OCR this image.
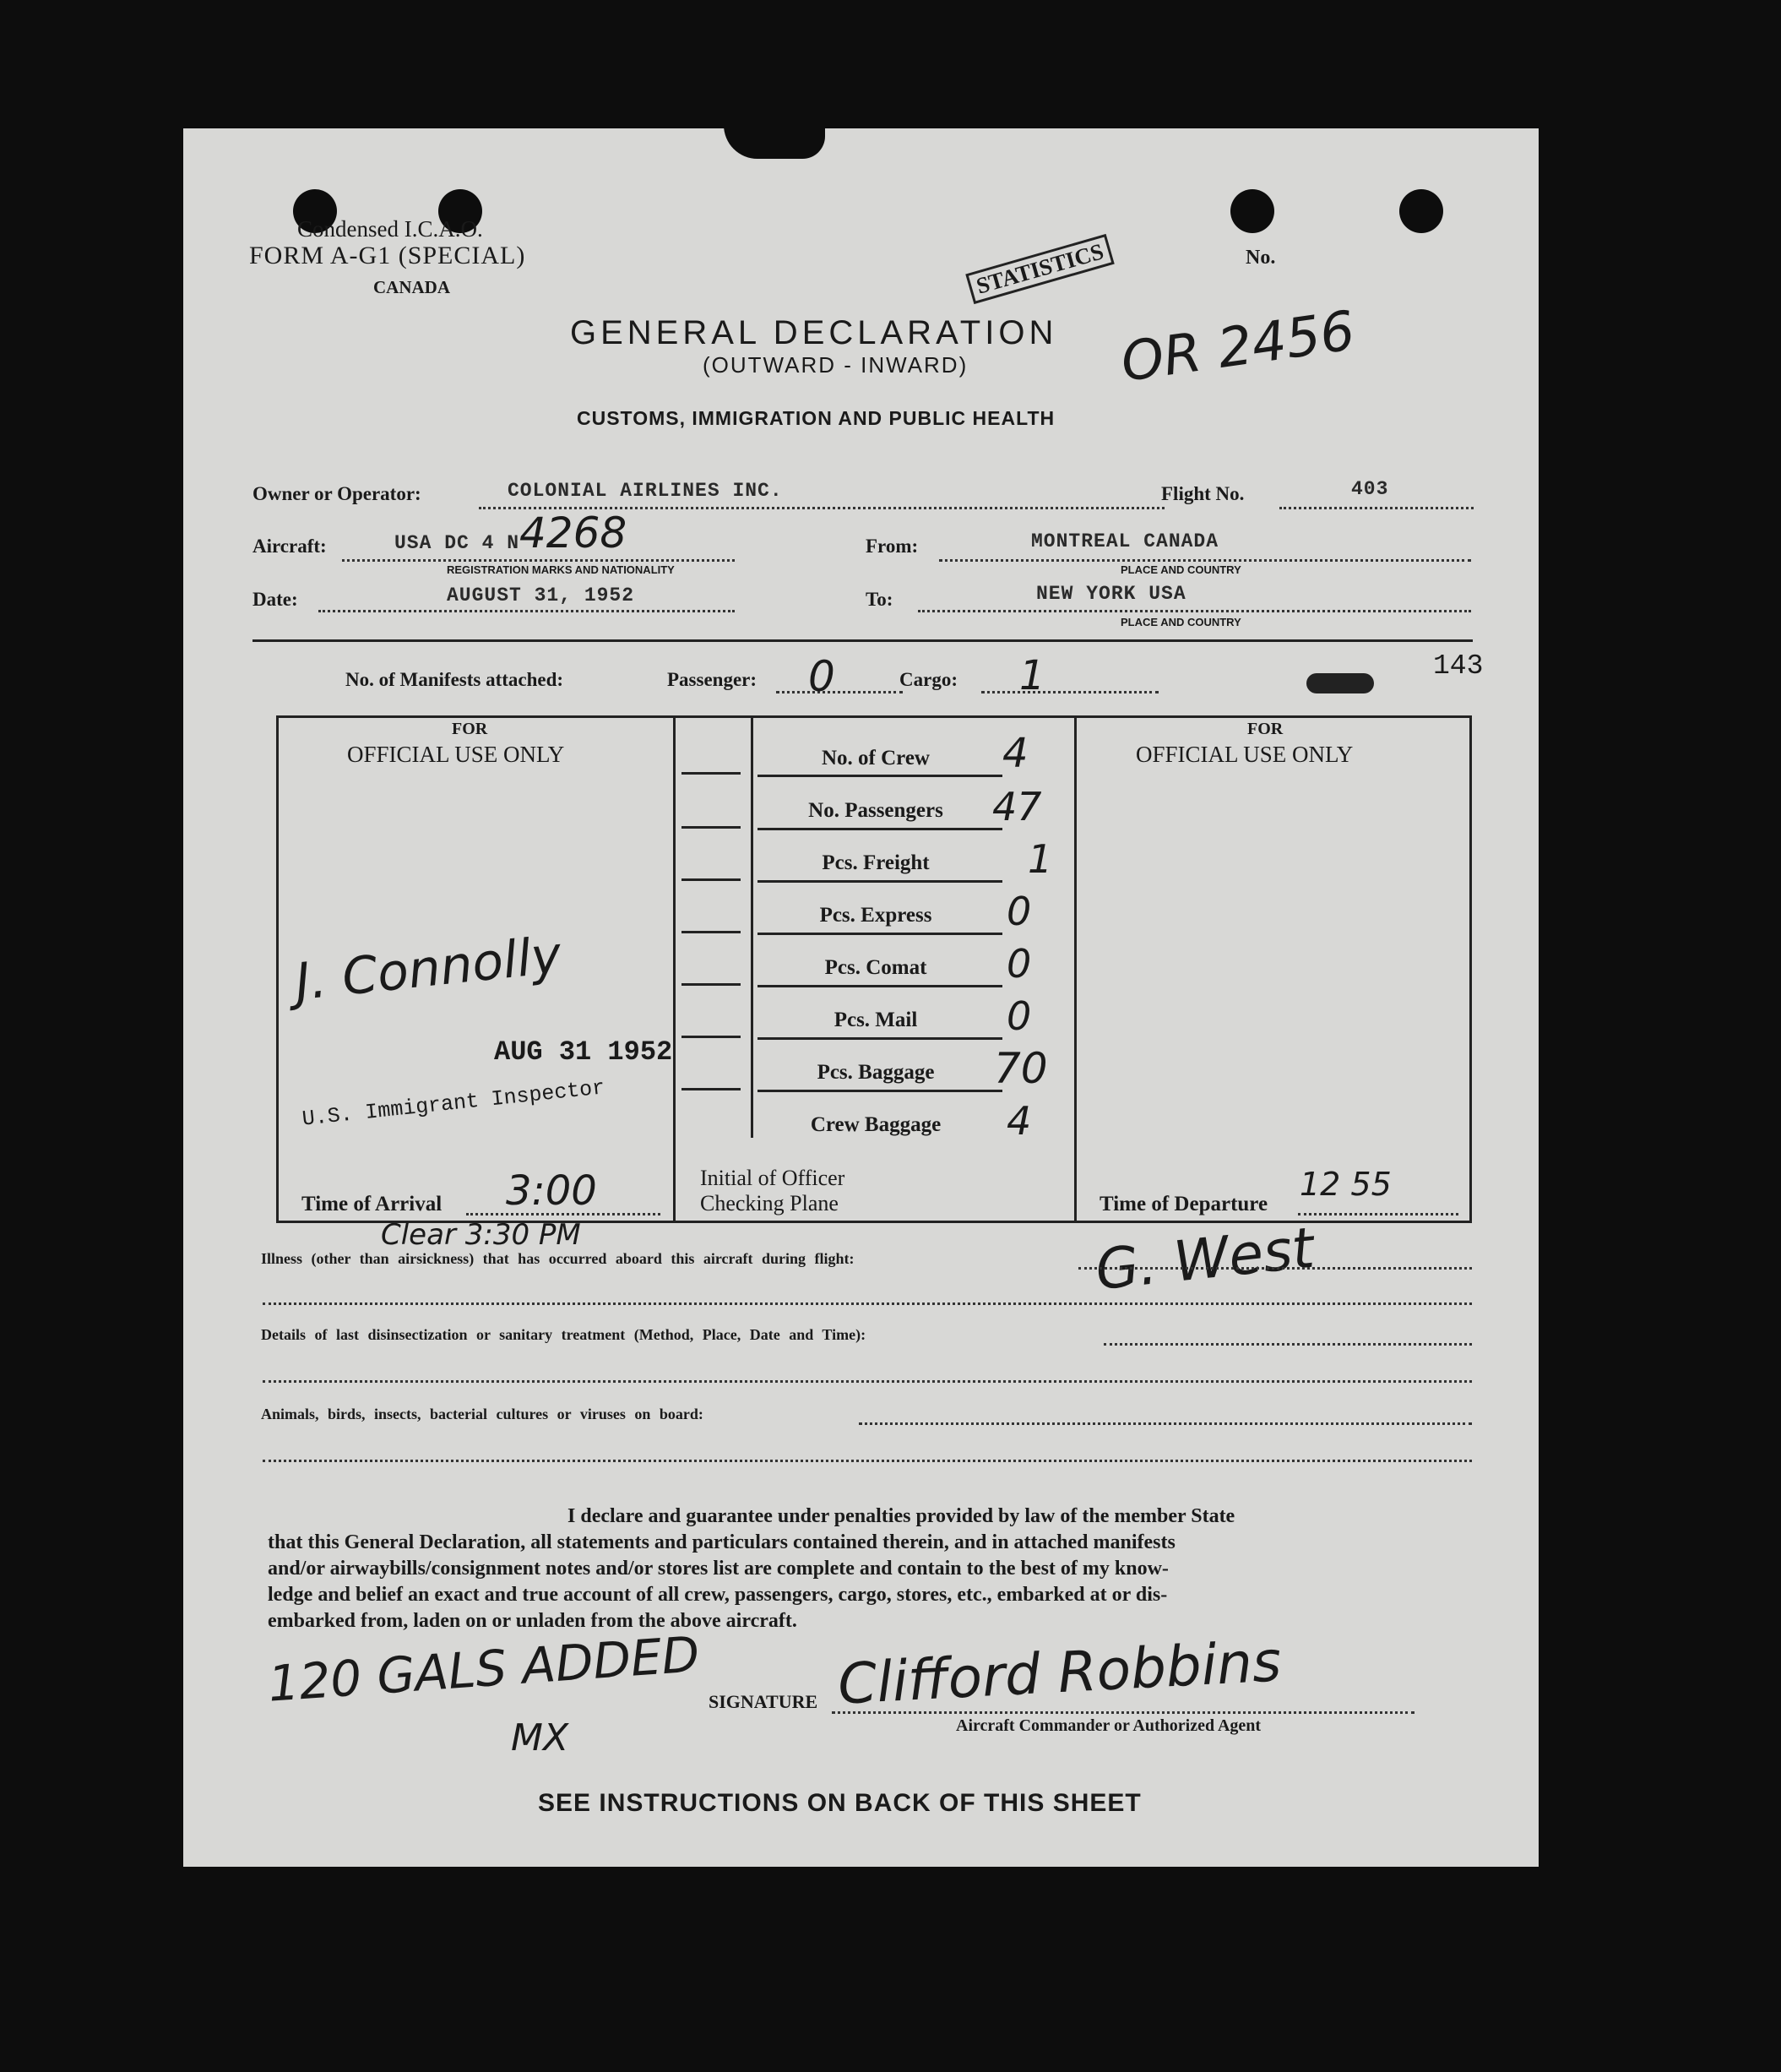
Condensed I.C.A.O.
FORM A-G1 (SPECIAL)
CANADA
No.
STATISTICS
GENERAL DECLARATION
(OUTWARD - INWARD)	OR 2456
CUSTOMS, IMMIGRATION AND PUBLIC HEALTH
Owner or Operator:	COLONIAL AIRLINES INC.	Flight No.	403
Aircraft:	USA DC 4 N 4268
REGISTRATION MARKS AND NATIONALITY
From:	MONTREAL CANADA
PLACE AND COUNTRY
Date:	AUGUST 31, 1952	To:	NEW YORK USA
PLACE AND COUNTRY
No. of Manifests attached:	Passenger: 0	Cargo: 1	143
FOR
OFFICIAL USE ONLY
FOR
OFFICIAL USE ONLY
No. of Crew	4
No. Passengers	47
Pcs. Freight	1
Pcs. Express	0
Pcs. Comat	0
Pcs. Mail	0
Pcs. Baggage	70
Crew Baggage	4
J. Connolly
AUG 31 1952
U.S. Immigrant Inspector
G. West
Time of Arrival 3:00	Initial of Officer
Checking Plane	Time of Departure
12 55
Clear 3:30 PM
Illness (other than airsickness) that has occurred aboard this aircraft during flight:
Details of last disinsectization or sanitary treatment (Method, Place, Date and Time):
Animals, birds, insects, bacterial cultures or viruses on board:
I declare and guarantee under penalties provided by law of the member State
that this General Declaration, all statements and particulars contained therein, and in attached manifests
and/or airwaybills/consignment notes and/or stores list are complete and contain to the best of my know-
ledge and belief an exact and true account of all crew, passengers, cargo, stores, etc., embarked at or dis-
embarked from, laden on or unladen from the above aircraft.
120 GALS ADDED
MX
SIGNATURE Clifford Robbins
Aircraft Commander or Authorized Agent
SEE INSTRUCTIONS ON BACK OF THIS SHEET
